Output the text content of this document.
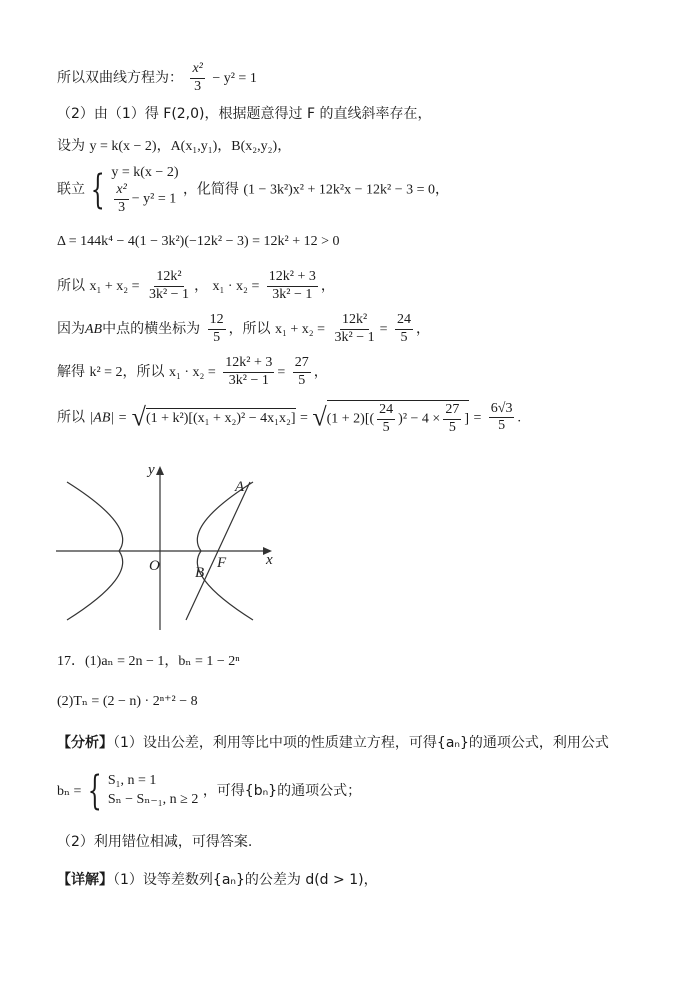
所以双曲线方程为： $\frac{\text{x²}}{3} - y^2 = 1$
（2）由（1）得 F(2,0)，根据题意得过 F 的直线斜率存在，
设为 y = k(x − 2)，A(x₁,y₁)，B(x₂,y₂)，
联立 { y = k(x − 2)
$\frac{\text{x²}}{3} - y^2 = 1$
，化简得 (1 − 3k²)x² + 12k²x − 12k² − 3 = 0，
Δ = 144k⁴ − 4(1 − 3k²)(−12k² − 3) = 12k² + 12 > 0
所以 $x_1 + x_2 = \frac{\text{12k²}}{\text{3k² − 1}}$ ， $x_1 \cdot x_2 = \frac{\text{12k² + 3}}{\text{3k² − 1}}$ ，
因为AB中点的横坐标为 $\frac{12}{5}$ ，所以 $x_1 + x_2 = \frac{\text{12k²}}{\text{3k² − 1}} = \frac{24}{5}$ ，
解得 k² = 2，所以 $x_1 \cdot x_2 = \frac{\text{12k² + 3}}{\text{3k² − 1}} = \frac{27}{5}$ ，
所以 $|AB| = √(1 + k^2)[(x_1 + x_2)^2 - 4x_1x_2] = √(1 + 2)[( \frac{24}{5} )^2 - 4 \times \frac{27}{5}$ ] = $\frac{6√3}{5}$ .
y
x
O
A
B
F
17．(1)aₙ = 2n − 1，bₙ = 1 − 2ⁿ
(2)Tₙ = (2 − n) · 2ⁿ⁺² − 8
【分析】（1）设出公差，利用等比中项的性质建立方程，可得{aₙ}的通项公式，利用公式
bₙ = { S₁, n = 1
Sₙ − Sₙ₋₁, n ≥ 2
，可得{bₙ}的通项公式；
（2）利用错位相减，可得答案.
【详解】（1）设等差数列{aₙ}的公差为 d(d > 1)，
